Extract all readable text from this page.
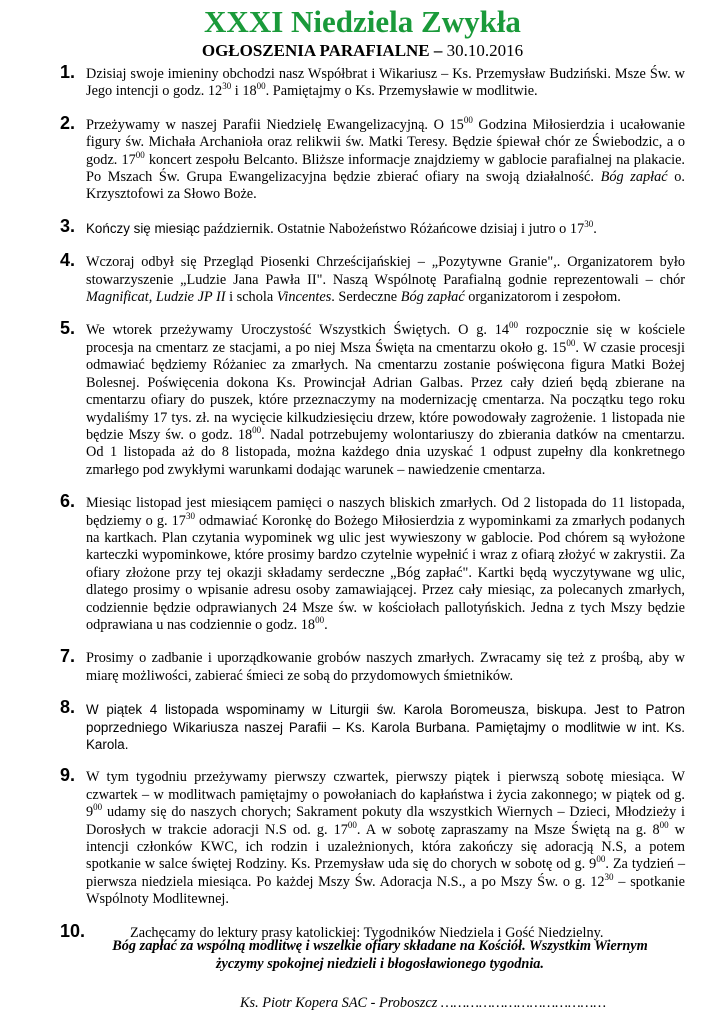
XXXI Niedziela Zwykła
OGŁOSZENIA PARAFIALNE – 30.10.2016
1. Dzisiaj swoje imieniny obchodzi nasz Współbrat i Wikariusz – Ks. Przemysław Budziński. Msze Św. w Jego intencji o godz. $12^{30}$ i $18^{00}$. Pamiętajmy o Ks. Przemysławie w modlitwie.
2. Przeżywamy w naszej Parafii Niedzielę Ewangelizacyjną. O $15^{00}$ Godzina Miłosierdzia i ucałowanie figury św. Michała Archanioła oraz relikwii św. Matki Teresy. Będzie śpiewał chór ze Świebodzic, a o godz. $17^{00}$ koncert zespołu Belcanto. Bliższe informacje znajdziemy w gablocie parafialnej na plakacie. Po Mszach Św. Grupa Ewangelizacyjna będzie zbierać ofiary na swoją działalność. Bóg zapłać o. Krzysztofowi za Słowo Boże.
3. Kończy się miesiąc październik. Ostatnie Nabożeństwo Różańcowe dzisiaj i jutro o $17^{30}$.
4. Wczoraj odbył się Przegląd Piosenki Chrześcijańskiej – „Pozytywne Granie",. Organizatorem było stowarzyszenie „Ludzie Jana Pawła II". Naszą Wspólnotę Parafialną godnie reprezentowali – chór Magnificat, Ludzie JP II i schola Vincentes. Serdeczne Bóg zapłać organizatorom i zespołom.
5. We wtorek przeżywamy Uroczystość Wszystkich Świętych. O g. $14^{00}$ rozpocznie się w kościele procesja na cmentarz ze stacjami, a po niej Msza Święta na cmentarzu około g. $15^{00}$. W czasie procesji odmawiać będziemy Różaniec za zmarłych. Na cmentarzu zostanie poświęcona figura Matki Bożej Bolesnej. Poświęcenia dokona Ks. Prowincjał Adrian Galbas. Przez cały dzień będą zbierane na cmentarzu ofiary do puszek, które przeznaczymy na modernizację cmentarza. Na początku tego roku wydaliśmy 17 tys. zł. na wycięcie kilkudziesięciu drzew, które powodowały zagrożenie. 1 listopada nie będzie Mszy św. o godz. $18^{00}$. Nadal potrzebujemy wolontariuszy do zbierania datków na cmentarzu. Od 1 listopada aż do 8 listopada, można każdego dnia uzyskać 1 odpust zupełny dla konkretnego zmarłego pod zwykłymi warunkami dodając warunek – nawiedzenie cmentarza.
6. Miesiąc listopad jest miesiącem pamięci o naszych bliskich zmarłych. Od 2 listopada do 11 listopada, będziemy o g. $17^{30}$ odmawiać Koronkę do Bożego Miłosierdzia z wypominkami za zmarłych podanych na kartkach. Plan czytania wypominek wg ulic jest wywieszony w gablocie. Pod chórem są wyłożone karteczki wypominkowe, które prosimy bardzo czytelnie wypełnić i wraz z ofiarą złożyć w zakrystii. Za ofiary złożone przy tej okazji składamy serdeczne „Bóg zapłać". Kartki będą wyczytywane wg ulic, dlatego prosimy o wpisanie adresu osoby zamawiającej. Przez cały miesiąc, za polecanych zmarłych, codziennie będzie odprawianych 24 Msze św. w kościołach pallotyńskich. Jedna z tych Mszy będzie odprawiana u nas codziennie o godz. $18^{00}$.
7. Prosimy o zadbanie i uporządkowanie grobów naszych zmarłych. Zwracamy się też z prośbą, aby w miarę możliwości, zabierać śmieci ze sobą do przydomowych śmietników.
8. W piątek 4 listopada wspominamy w Liturgii św. Karola Boromeusza, biskupa. Jest to Patron poprzedniego Wikariusza naszej Parafii – Ks. Karola Burbana. Pamiętajmy o modlitwie w int. Ks. Karola.
9. W tym tygodniu przeżywamy pierwszy czwartek, pierwszy piątek i pierwszą sobotę miesiąca. W czwartek – w modlitwach pamiętajmy o powołaniach do kapłaństwa i życia zakonnego; w piątek od g. $9^{00}$ udamy się do naszych chorych; Sakrament pokuty dla wszystkich Wiernych – Dzieci, Młodzieży i Dorosłych w trakcie adoracji N.S od. g. $17^{00}$. A w sobotę zapraszamy na Msze Świętą na g. $8^{00}$ w intencji członków KWC, ich rodzin i uzależnionych, która zakończy się adoracją N.S, a potem spotkanie w salce świętej Rodziny. Ks. Przemysław uda się do chorych w sobotę od g. $9^{00}$. Za tydzień – pierwsza niedziela miesiąca. Po każdej Mszy Św. Adoracja N.S., a po Mszy Św. o g. $12^{30}$ – spotkanie Wspólnoty Modlitewnej.
10.	Zachęcamy do lektury prasy katolickiej: Tygodników Niedziela i Gość Niedzielny.
Bóg zapłać za wspólną modlitwę i wszelkie ofiary składane na Kościół. Wszystkim Wiernym
życzymy spokojnej niedzieli i błogosławionego tygodnia.
Ks. Piotr Kopera SAC - Proboszcz …………………………………
